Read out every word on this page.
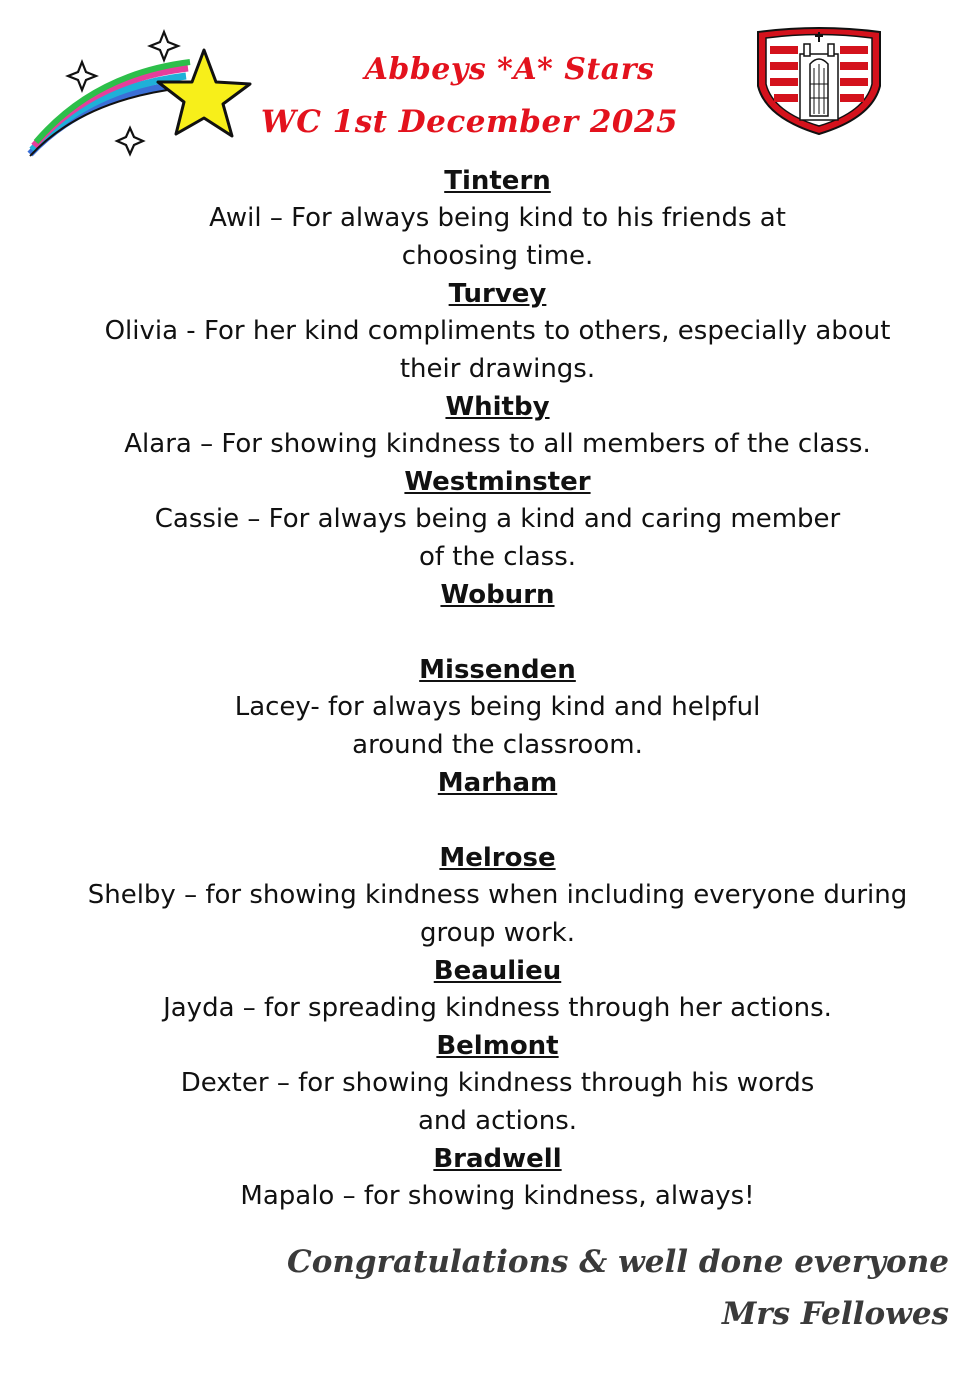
Abbeys *A* Stars
WC 1st December 2025
Tintern
Awil – For always being kind to his friends at
choosing time.
Turvey
Olivia - For her kind compliments to others, especially about
their drawings.
Whitby
Alara – For showing kindness to all members of the class.
Westminster
Cassie – For always being a kind and caring member
of the class.
Woburn
Missenden
Lacey- for always being kind and helpful
around the classroom.
Marham
Melrose
Shelby – for showing kindness when including everyone during
group work.
Beaulieu
Jayda – for spreading kindness through her actions.
Belmont
Dexter – for showing kindness through his words
and actions.
Bradwell
Mapalo – for showing kindness, always!
Congratulations & well done everyone
Mrs Fellowes
